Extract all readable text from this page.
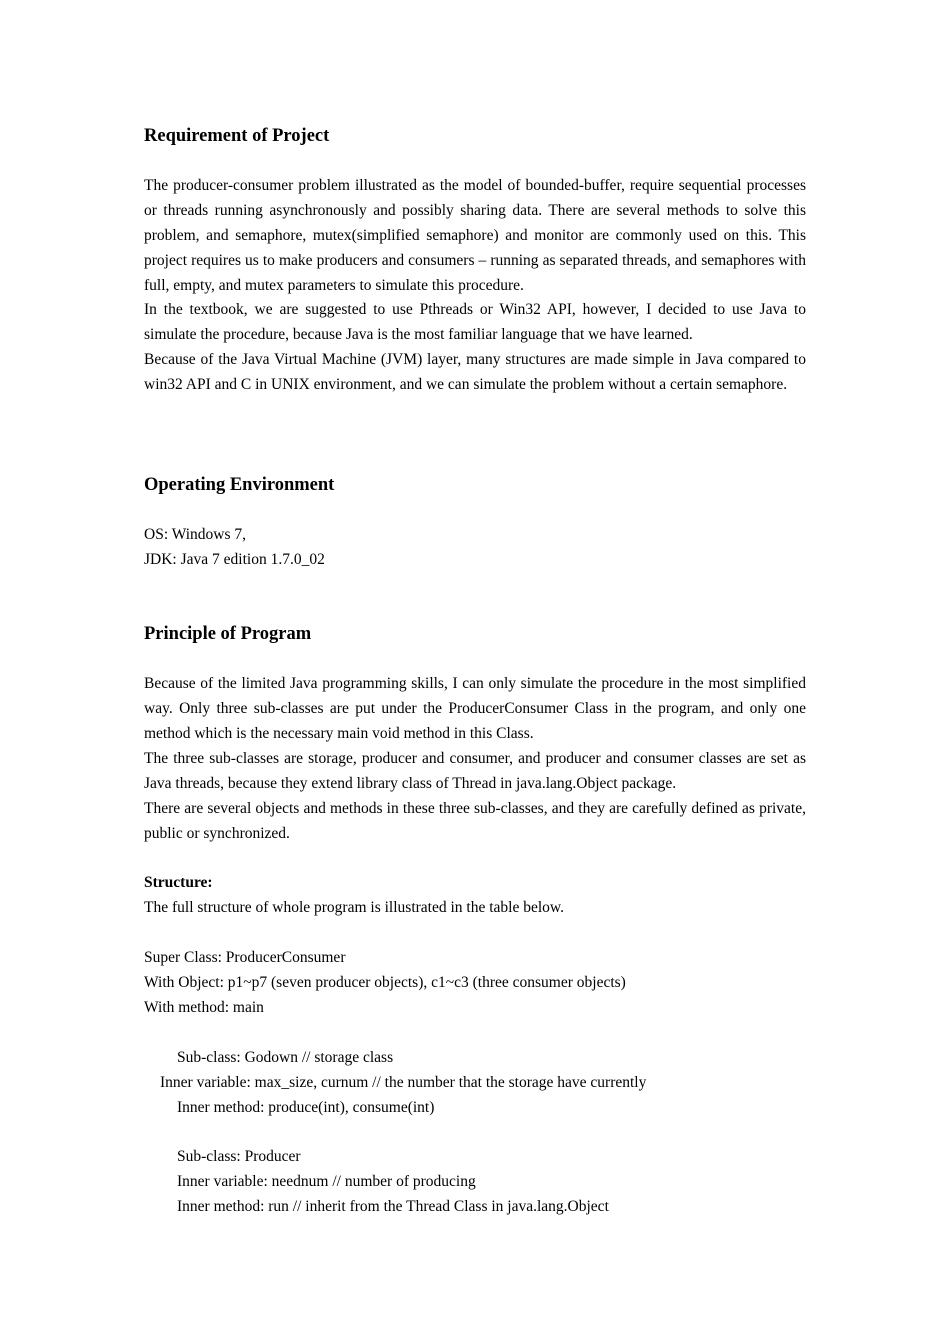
Requirement of Project
The producer-consumer problem illustrated as the model of bounded-buffer, require sequential processes or threads running asynchronously and possibly sharing data. There are several methods to solve this problem, and semaphore, mutex(simplified semaphore) and monitor are commonly used on this. This project requires us to make producers and consumers – running as separated threads, and semaphores with full, empty, and mutex parameters to simulate this procedure.
In the textbook, we are suggested to use Pthreads or Win32 API, however, I decided to use Java to simulate the procedure, because Java is the most familiar language that we have learned.
Because of the Java Virtual Machine (JVM) layer, many structures are made simple in Java compared to win32 API and C in UNIX environment, and we can simulate the problem without a certain semaphore.
Operating Environment
OS: Windows 7,
JDK: Java 7 edition 1.7.0_02
Principle of Program
Because of the limited Java programming skills, I can only simulate the procedure in the most simplified way. Only three sub-classes are put under the ProducerConsumer Class in the program, and only one method which is the necessary main void method in this Class.
The three sub-classes are storage, producer and consumer, and producer and consumer classes are set as Java threads, because they extend library class of Thread in java.lang.Object package.
There are several objects and methods in these three sub-classes, and they are carefully defined as private, public or synchronized.
Structure:
The full structure of whole program is illustrated in the table below.
Super Class: ProducerConsumer
With Object: p1~p7 (seven producer objects), c1~c3 (three consumer objects)
With method: main
Sub-class: Godown // storage class
Inner variable: max_size, curnum // the number that the storage have currently
Inner method: produce(int), consume(int)
Sub-class: Producer
Inner variable: neednum // number of producing
Inner method: run // inherit from the Thread Class in java.lang.Object
